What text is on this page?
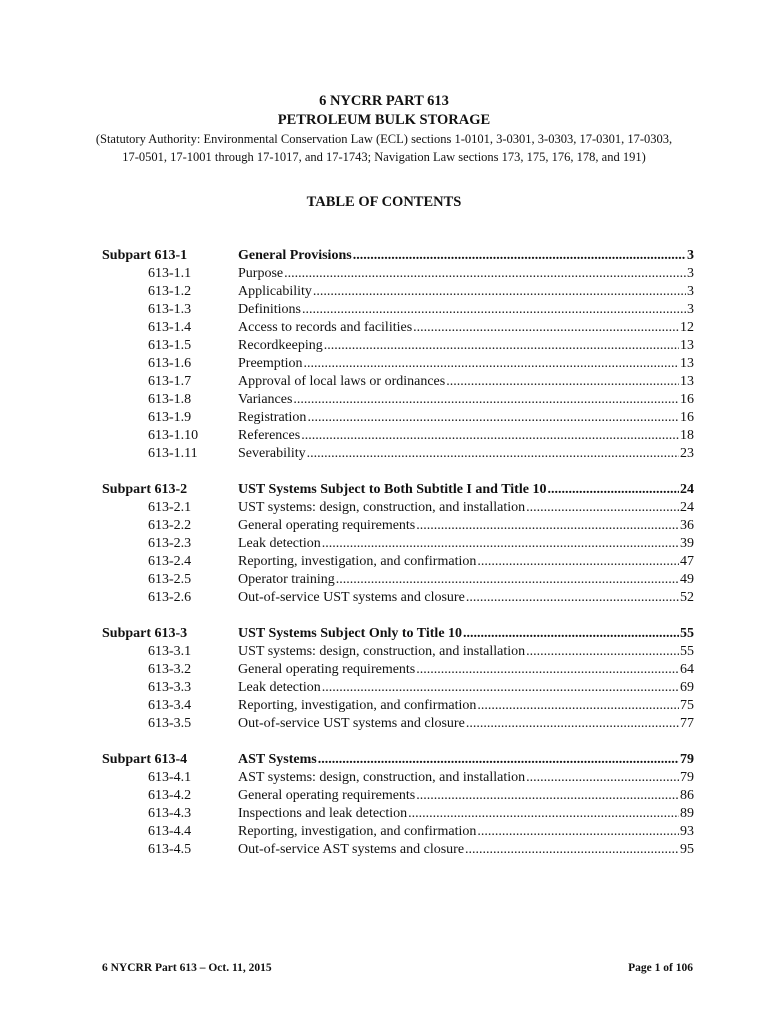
6 NYCRR PART 613
PETROLEUM BULK STORAGE
(Statutory Authority: Environmental Conservation Law (ECL) sections 1-0101, 3-0301, 3-0303, 17-0301, 17-0303,
17-0501, 17-1001 through 17-1017, and 17-1743; Navigation Law sections 173, 175, 176, 178, and 191)
TABLE OF CONTENTS
Subpart 613-1	General Provisions .....	3
613-1.1	Purpose .....	3
613-1.2	Applicability .....	3
613-1.3	Definitions .....	3
613-1.4	Access to records and facilities .....	12
613-1.5	Recordkeeping .....	13
613-1.6	Preemption .....	13
613-1.7	Approval of local laws or ordinances .....	13
613-1.8	Variances .....	16
613-1.9	Registration .....	16
613-1.10	References .....	18
613-1.11	Severability .....	23
Subpart 613-2	UST Systems Subject to Both Subtitle I and Title 10 .....	24
613-2.1	UST systems: design, construction, and installation .....	24
613-2.2	General operating requirements .....	36
613-2.3	Leak detection .....	39
613-2.4	Reporting, investigation, and confirmation .....	47
613-2.5	Operator training .....	49
613-2.6	Out-of-service UST systems and closure .....	52
Subpart 613-3	UST Systems Subject Only to Title 10 .....	55
613-3.1	UST systems: design, construction, and installation .....	55
613-3.2	General operating requirements .....	64
613-3.3	Leak detection .....	69
613-3.4	Reporting, investigation, and confirmation .....	75
613-3.5	Out-of-service UST systems and closure .....	77
Subpart 613-4	AST Systems .....	79
613-4.1	AST systems: design, construction, and installation .....	79
613-4.2	General operating requirements .....	86
613-4.3	Inspections and leak detection .....	89
613-4.4	Reporting, investigation, and confirmation .....	93
613-4.5	Out-of-service AST systems and closure .....	95
6 NYCRR Part 613 – Oct. 11, 2015	Page 1 of 106
